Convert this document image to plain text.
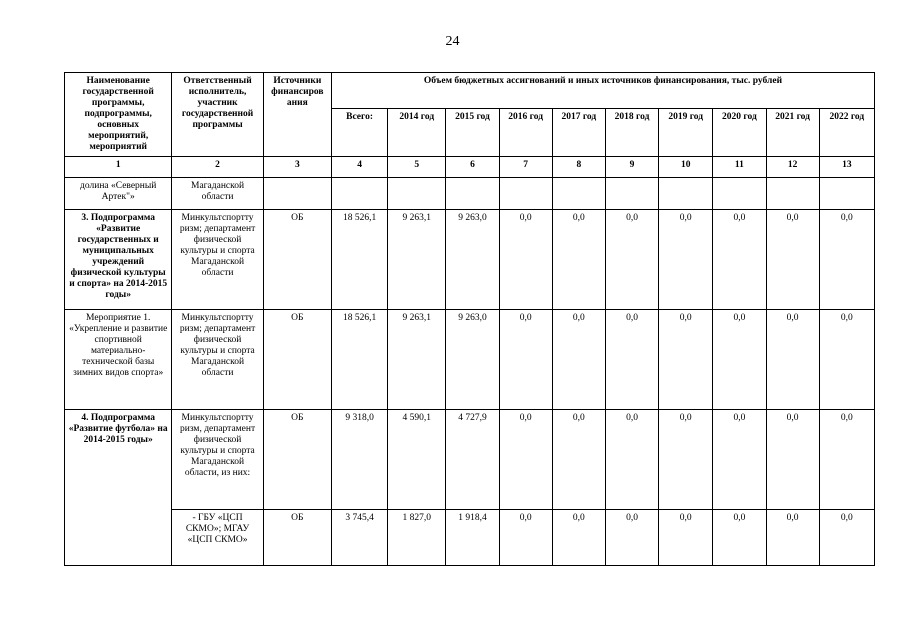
24
Наименование государственной программы, подпрограммы, основных мероприятий, мероприятий	Ответственный исполнитель, участник государственной программы	Источники финансиров ания	Объем бюджетных ассигнований и иных источников финансирования, тыс. рублей									
			Всего:	2014 год	2015 год	2016 год	2017 год	2018 год	2019 год	2020 год	2021 год	2022 год
1	2	3	4	5	6	7	8	9	10	11	12	13
долина «Северный Артек"»	Магаданской области											
3. Подпрограмма «Развитие государственных и муниципальных учреждений физической культуры и спорта» на 2014-2015 годы»	Минкультспортту ризм; департамент физической культуры и спорта Магаданской области	ОБ	18 526,1	9 263,1	9 263,0	0,0	0,0	0,0	0,0	0,0	0,0	0,0
Мероприятие 1. «Укрепление и развитие спортивной материально-технической базы зимних видов спорта»	Минкультспортту ризм; департамент физической культуры и спорта Магаданской области	ОБ	18 526,1	9 263,1	9 263,0	0,0	0,0	0,0	0,0	0,0	0,0	0,0
4. Подпрограмма «Развитие футбола» на 2014-2015 годы»	Минкультспортту ризм, департамент физической культуры и спорта Магаданской области, из них:	ОБ	9 318,0	4 590,1	4 727,9	0,0	0,0	0,0	0,0	0,0	0,0	0,0
	- ГБУ «ЦСП СКМО»; МГАУ «ЦСП СКМО»	ОБ	3 745,4	1 827,0	1 918,4	0,0	0,0	0,0	0,0	0,0	0,0	0,0
